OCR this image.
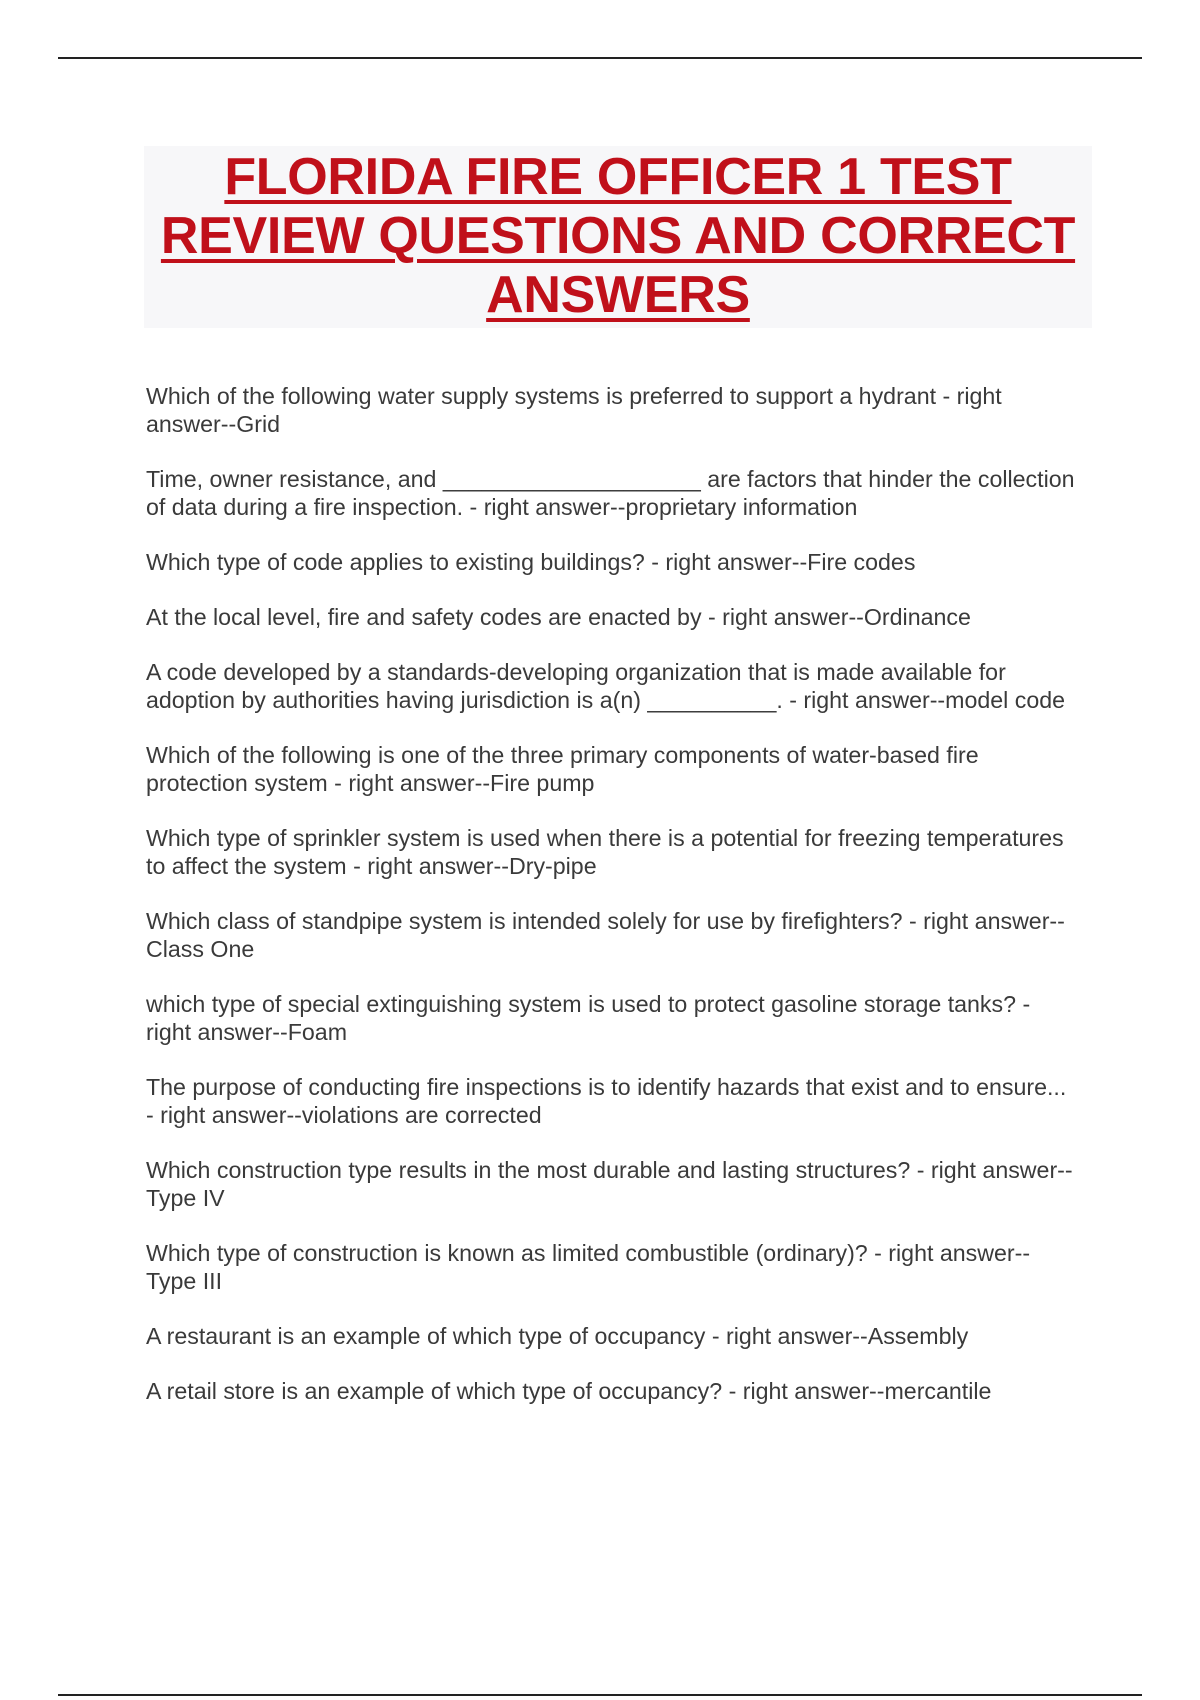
FLORIDA FIRE OFFICER 1 TEST REVIEW QUESTIONS AND CORRECT ANSWERS
Which of the following water supply systems is preferred to support a hydrant - right answer--Grid
Time, owner resistance, and ____________________ are factors that hinder the collection of data during a fire inspection. - right answer--proprietary information
Which type of code applies to existing buildings? - right answer--Fire codes
At the local level, fire and safety codes are enacted by - right answer--Ordinance
A code developed by a standards-developing organization that is made available for adoption by authorities having jurisdiction is a(n) __________. - right answer--model code
Which of the following is one of the three primary components of water-based fire protection system - right answer--Fire pump
Which type of sprinkler system is used when there is a potential for freezing temperatures to affect the system - right answer--Dry-pipe
Which class of standpipe system is intended solely for use by firefighters? - right answer--Class One
which type of special extinguishing system is used to protect gasoline storage tanks? - right answer--Foam
The purpose of conducting fire inspections is to identify hazards that exist and to ensure... - right answer--violations are corrected
Which construction type results in the most durable and lasting structures? - right answer--Type IV
Which type of construction is known as limited combustible (ordinary)? - right answer--Type III
A restaurant is an example of which type of occupancy - right answer--Assembly
A retail store is an example of which type of occupancy? - right answer--mercantile
